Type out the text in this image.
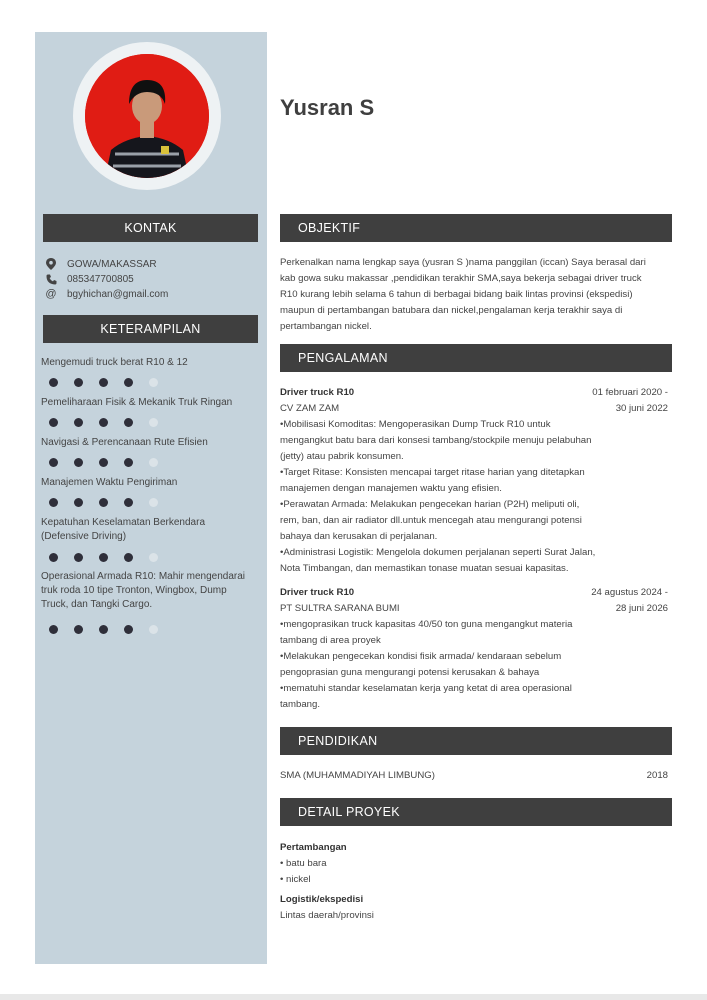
KONTAK
GOWA/MAKASSAR
085347700805
@ bgyhichan@gmail.com
KETERAMPILAN
Mengemudi truck berat R10 & 12
Pemeliharaan Fisik & Mekanik Truk Ringan
Navigasi & Perencanaan Rute Efisien
Manajemen Waktu Pengiriman
Kepatuhan Keselamatan Berkendara (Defensive Driving)
Operasional Armada R10: Mahir mengendarai truk roda 10 tipe Tronton, Wingbox, Dump Truck, dan Tangki Cargo.
Yusran S
OBJEKTIF
Perkenalkan nama lengkap saya (yusran S )nama panggilan (iccan) Saya berasal dari
kab gowa suku makassar ,pendidikan terakhir SMA,saya bekerja sebagai driver truck
R10 kurang lebih selama 6 tahun di berbagai bidang baik lintas provinsi (ekspedisi)
maupun di pertambangan batubara dan nickel,pengalaman kerja terakhir saya di
pertambangan nickel.
PENGALAMAN
Driver truck R10	01 februari 2020 -
CV ZAM ZAM	30 juni 2022
•Mobilisasi Komoditas: Mengoperasikan Dump Truck R10 untuk
mengangkut batu bara dari konsesi tambang/stockpile menuju pelabuhan
(jetty) atau pabrik konsumen.
•Target Ritase: Konsisten mencapai target ritase harian yang ditetapkan
manajemen dengan manajemen waktu yang efisien.
•Perawatan Armada: Melakukan pengecekan harian (P2H) meliputi oli,
rem, ban, dan air radiator dll.untuk mencegah atau mengurangi potensi
bahaya dan kerusakan di perjalanan.
•Administrasi Logistik: Mengelola dokumen perjalanan seperti Surat Jalan,
Nota Timbangan, dan memastikan tonase muatan sesuai kapasitas.
Driver truck R10	24 agustus 2024 -
PT SULTRA SARANA BUMI	28 juni 2026
•mengoprasikan truck kapasitas 40/50 ton guna mengangkut materia
tambang di area proyek
•Melakukan pengecekan kondisi fisik armada/ kendaraan sebelum
pengoprasian guna mengurangi potensi kerusakan & bahaya
•mematuhi standar keselamatan kerja yang ketat di area operasional
tambang.
PENDIDIKAN
SMA (MUHAMMADIYAH LIMBUNG)	2018
DETAIL PROYEK
Pertambangan
• batu bara
• nickel
Logistik/ekspedisi
Lintas daerah/provinsi
